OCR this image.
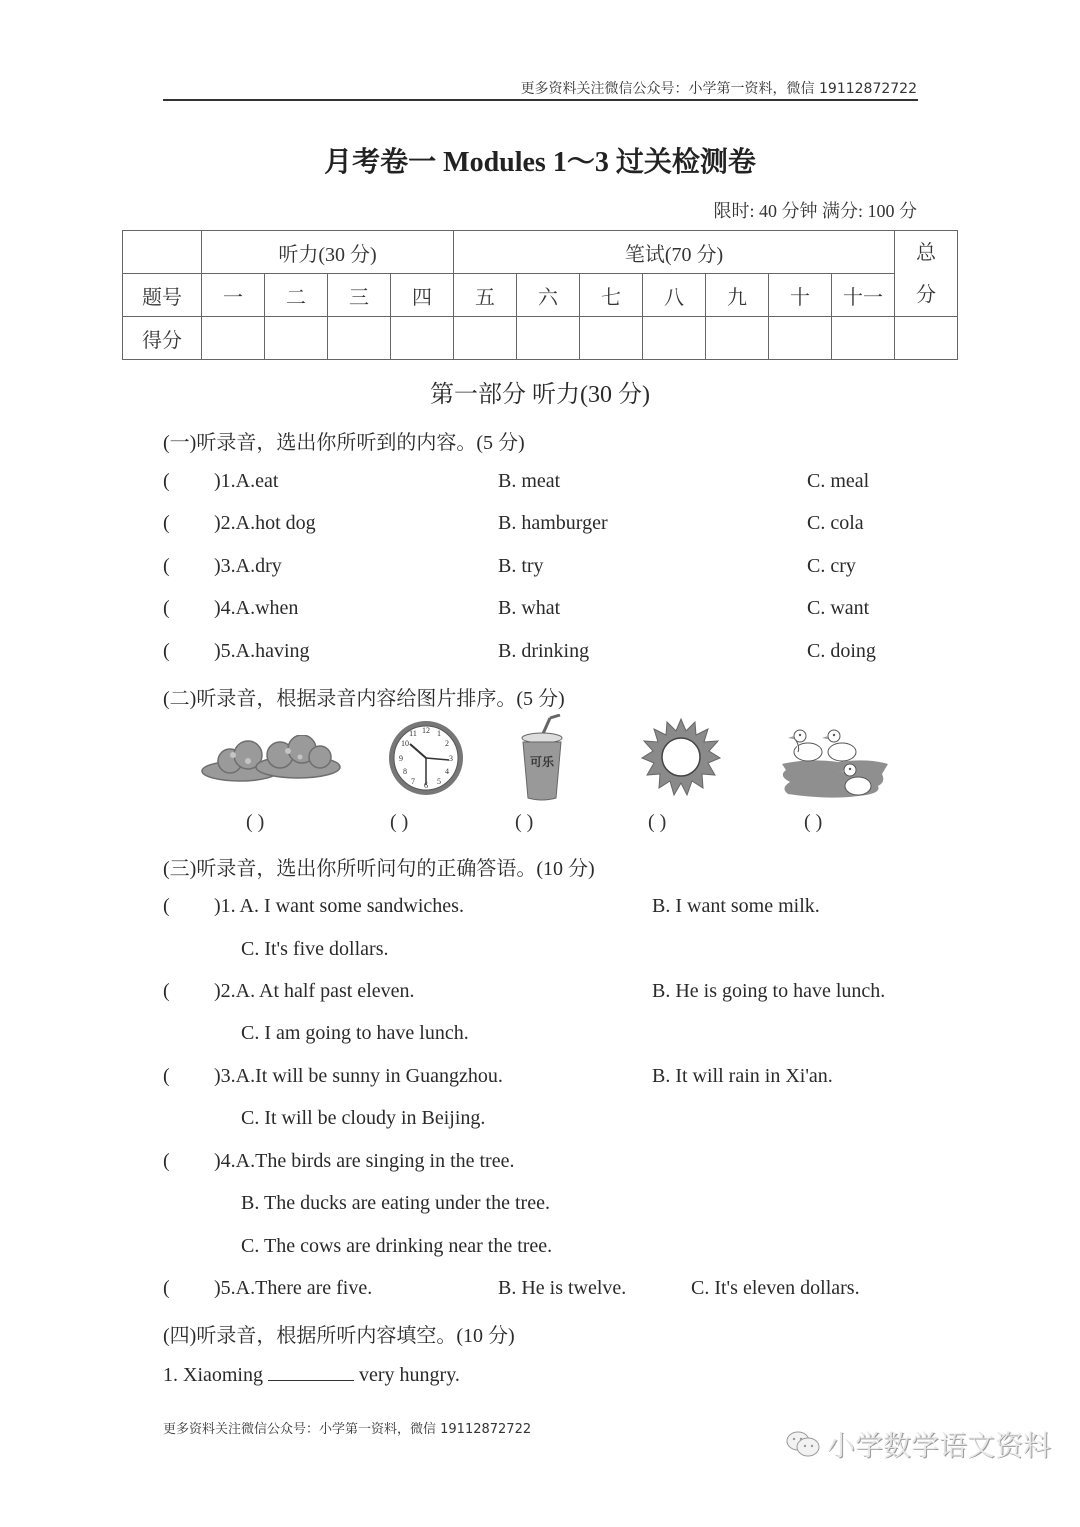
更多资料关注微信公众号：小学第一资料，微信 19112872722
月考卷一 Modules 1～3 过关检测卷
限时: 40 分钟 满分: 100 分
	听力(30 分)				笔试(70 分)							总
分

题号	一	二	三	四	五	六	七	八	九	十	十一	
得分												
第一部分 听力(30 分)
(一)听录音，选出你所听到的内容。(5 分)
( )1.A.eat	B. meat	C. meal
( )2.A.hot dog	B. hamburger	C. cola
( )3.A.dry	B. try	C. cry
( )4.A.when	B. what	C. want
( )5.A.having	B. drinking	C. doing
(二)听录音，根据录音内容给图片排序。(5 分)
12 1
2
3
4
5
6
7
8
9
10
11
可乐
( )	( )	( )	( )	( )
(三)听录音，选出你所听问句的正确答语。(10 分)
( )1. A. I want some sandwiches.	B. I want some milk.
C. It's five dollars.
( )2.A. At half past eleven.	B. He is going to have lunch.
C. I am going to have lunch.
( )3.A.It will be sunny in Guangzhou.	B. It will rain in Xi'an.
C. It will be cloudy in Beijing.
( )4.A.The birds are singing in the tree.
B. The ducks are eating under the tree.
C. The cows are drinking near the tree.
( )5.A.There are five.	B. He is twelve.	C. It's eleven dollars.
(四)听录音，根据所听内容填空。(10 分)
1. Xiaoming	very hungry.
更多资料关注微信公众号：小学第一资料，微信 19112872722	小学数学语文资料
